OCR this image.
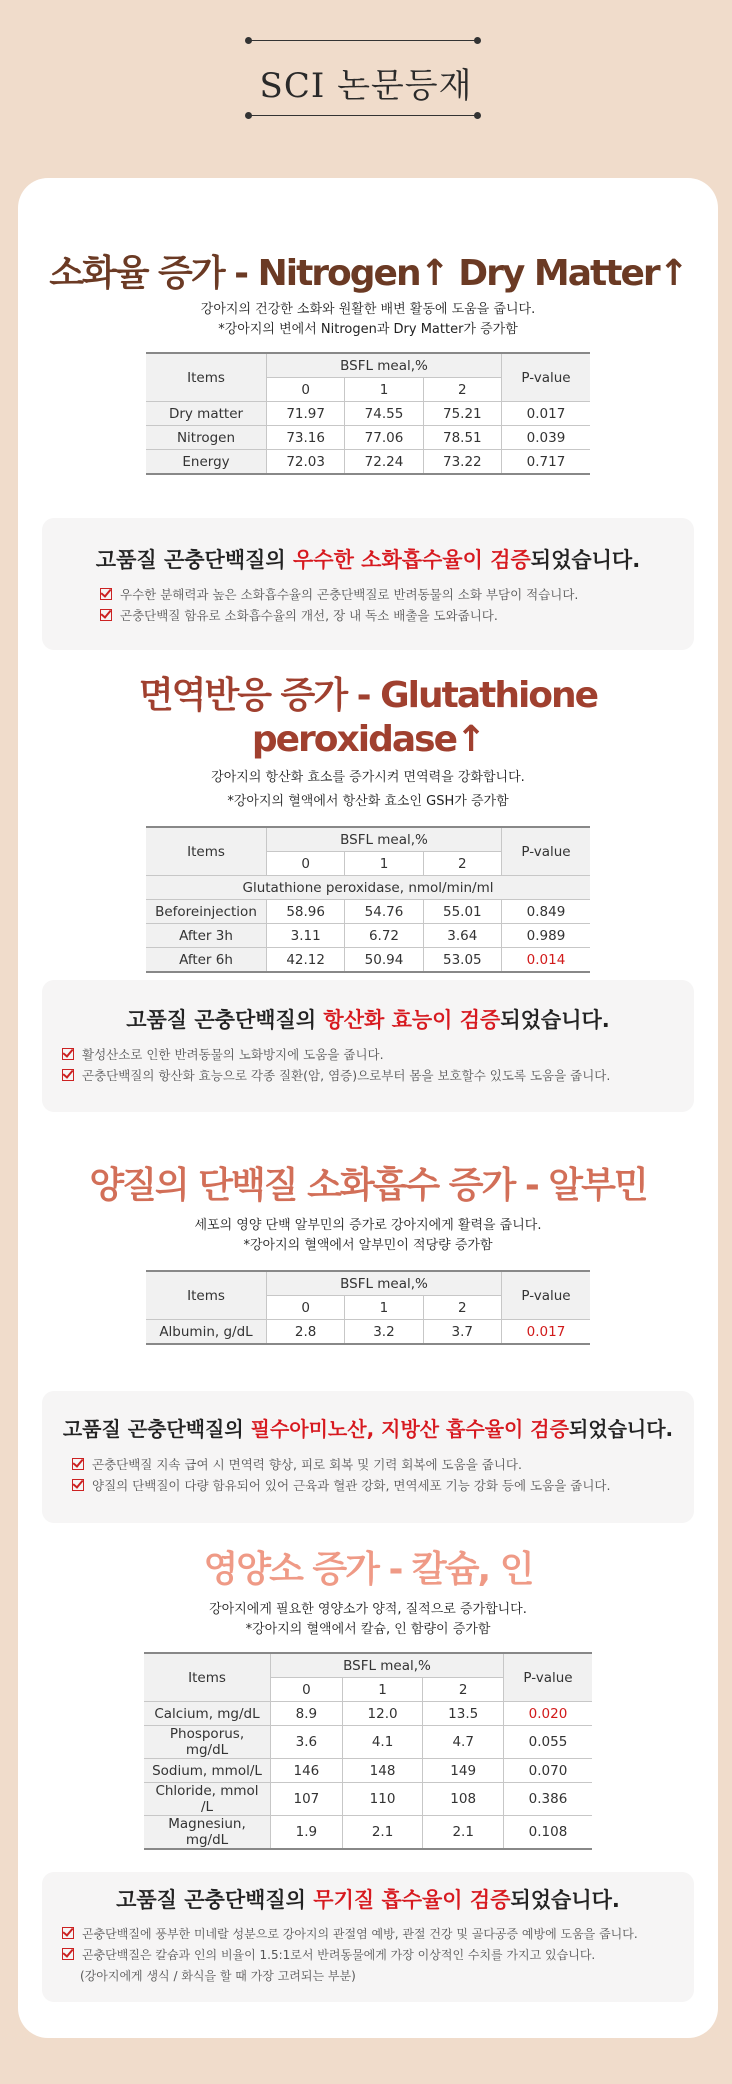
SCI 논문등재
소화율 증가 - Nitrogen↑ Dry Matter↑
강아지의 건강한 소화와 원활한 배변 활동에 도움을 줍니다.
*강아지의 변에서 Nitrogen과 Dry Matter가 증가함
Items	BSFL meal,%			P-value
	0	1	2	
Dry matter	71.97	74.55	75.21	0.017
Nitrogen	73.16	77.06	78.51	0.039
Energy	72.03	72.24	73.22	0.717

고품질 곤충단백질의 우수한 소화흡수율이 검증되었습니다.

우수한 분해력과 높은 소화흡수율의 곤충단백질로 반려동물의 소화 부담이 적습니다.
곤충단백질 함유로 소화흡수율의 개선, 장 내 독소 배출을 도와줍니다.
면역반응 증가 - Glutathione peroxidase↑
강아지의 항산화 효소를 증가시켜 면역력을 강화합니다.
*강아지의 혈액에서 항산화 효소인 GSH가 증가함
Items	BSFL meal,%			P-value
	0	1	2	
Glutathione peroxidase, nmol/min/ml				
Beforeinjection	58.96	54.76	55.01	0.849
After 3h	3.11	6.72	3.64	0.989
After 6h	42.12	50.94	53.05	0.014

고품질 곤충단백질의 항산화 효능이 검증되었습니다.

활성산소로 인한 반려동물의 노화방지에 도움을 줍니다.
곤충단백질의 항산화 효능으로 각종 질환(암, 염증)으로부터 몸을 보호할수 있도록 도움을 줍니다.
양질의 단백질 소화흡수 증가 - 알부민
세포의 영양 단백 알부민의 증가로 강아지에게 활력을 줍니다.
*강아지의 혈액에서 알부민이 적당량 증가함
Items	BSFL meal,%			P-value
	0	1	2	
Albumin, g/dL	2.8	3.2	3.7	0.017

고품질 곤충단백질의 필수아미노산, 지방산 흡수율이 검증되었습니다.

곤충단백질 지속 급여 시 면역력 향상, 피로 회복 및 기력 회복에 도움을 줍니다.
양질의 단백질이 다량 함유되어 있어 근육과 혈관 강화, 면역세포 기능 강화 등에 도움을 줍니다.
영양소 증가 - 칼슘, 인
강아지에게 필요한 영양소가 양적, 질적으로 증가합니다.
*강아지의 혈액에서 칼슘, 인 함량이 증가함
Items	BSFL meal,%			P-value
	0	1	2	
Calcium, mg/dL	8.9	12.0	13.5	0.020
Phosporus, mg/dL	3.6	4.1	4.7	0.055
Sodium, mmol/L	146	148	149	0.070
Chloride, mmol /L	107	110	108	0.386
Magnesiun, mg/dL	1.9	2.1	2.1	0.108

고품질 곤충단백질의 무기질 흡수율이 검증되었습니다.

곤충단백질에 풍부한 미네랄 성분으로 강아지의 관절염 예방, 관절 건강 및 골다공증 예방에 도움을 줍니다.
곤충단백질은 칼슘과 인의 비율이 1.5:1로서 반려동물에게 가장 이상적인 수치를 가지고 있습니다.
(강아지에게 생식 / 화식을 할 때 가장 고려되는 부분)
